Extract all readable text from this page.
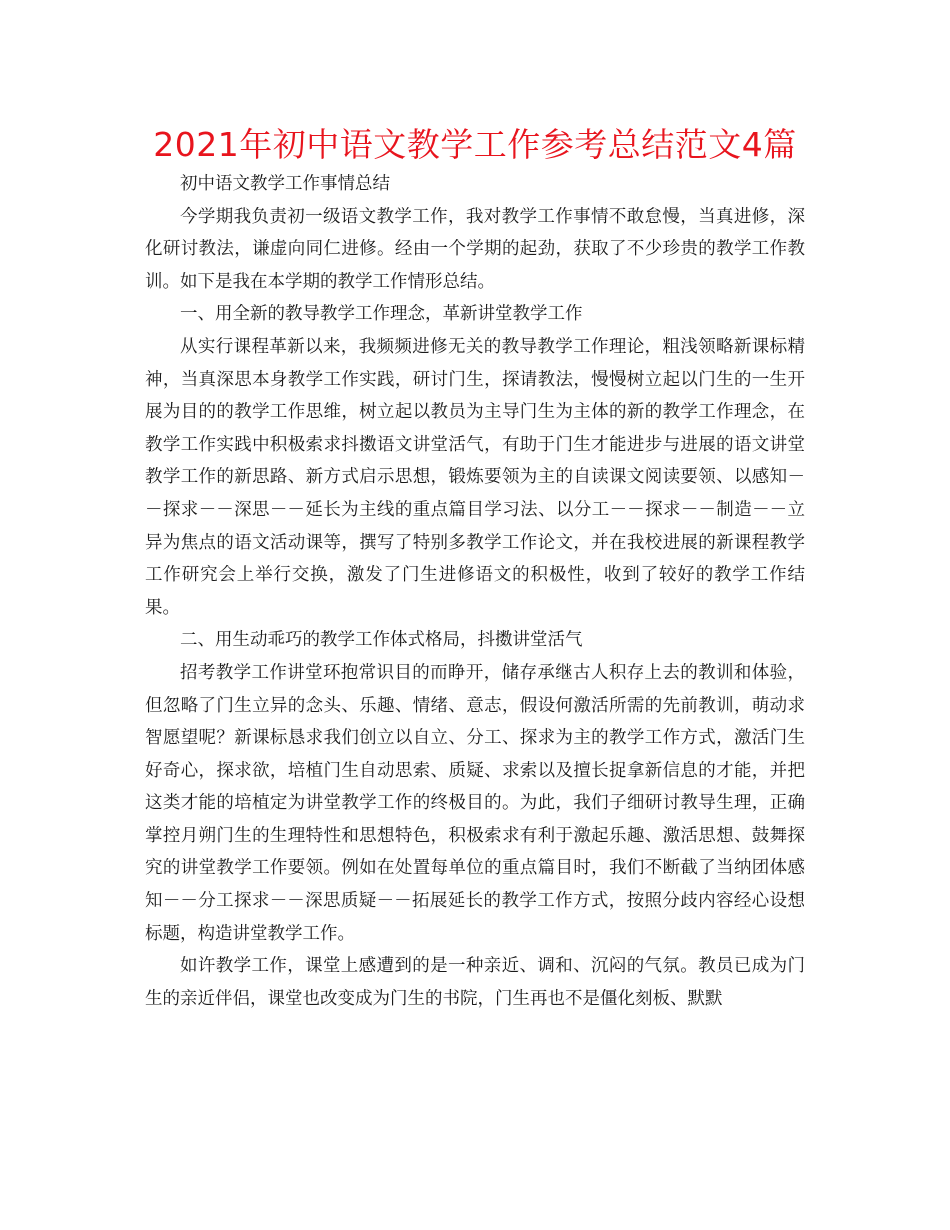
2021年初中语文教学工作参考总结范文4篇

初中语文教学工作事情总结

今学期我负责初一级语文教学工作，我对教学工作事情不敢怠慢，当真进修，深化研讨教法，谦虚向同仁进修。经由一个学期的起劲，获取了不少珍贵的教学工作教训。如下是我在本学期的教学工作情形总结。

一、用全新的教导教学工作理念，革新讲堂教学工作

从实行课程革新以来，我频频进修无关的教导教学工作理论，粗浅领略新课标精神，当真深思本身教学工作实践，研讨门生，探请教法，慢慢树立起以门生的一生开展为目的的教学工作思维，树立起以教员为主导门生为主体的新的教学工作理念，在教学工作实践中积极索求抖擞语文讲堂活气，有助于门生才能进步与进展的语文讲堂教学工作的新思路、新方式启示思想，锻炼要领为主的自读课文阅读要领、以感知－－探求－－深思－－延长为主线的重点篇目学习法、以分工－－探求－－制造－－立异为焦点的语文活动课等，撰写了特别多教学工作论文，并在我校进展的新课程教学工作研究会上举行交换，激发了门生进修语文的积极性，收到了较好的教学工作结果。

二、用生动乖巧的教学工作体式格局，抖擞讲堂活气

招考教学工作讲堂环抱常识目的而睁开，储存承继古人积存上去的教训和体验，但忽略了门生立异的念头、乐趣、情绪、意志，假设何激活所需的先前教训，萌动求智愿望呢？新课标恳求我们创立以自立、分工、探求为主的教学工作方式，激活门生好奇心，探求欲，培植门生自动思索、质疑、求索以及擅长捉拿新信息的才能，并把这类才能的培植定为讲堂教学工作的终极目的。为此，我们子细研讨教导生理，正确掌控月朔门生的生理特性和思想特色，积极索求有利于激起乐趣、激活思想、鼓舞探究的讲堂教学工作要领。例如在处置每单位的重点篇目时，我们不断截了当纳团体感知－－分工探求－－深思质疑－－拓展延长的教学工作方式，按照分歧内容经心设想标题，构造讲堂教学工作。

如许教学工作，课堂上感遭到的是一种亲近、调和、沉闷的气氛。教员已成为门生的亲近伴侣，课堂也改变成为门生的书院，门生再也不是僵化刻板、默默
